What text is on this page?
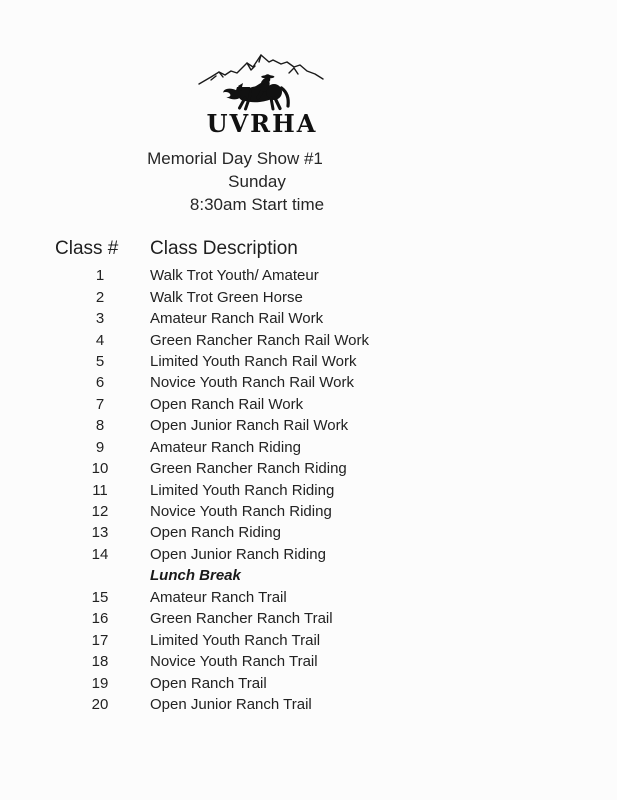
UVRHA
Memorial Day Show #1
Sunday
8:30am Start time
Class # Class Description
1	Walk Trot Youth/ Amateur
2	Walk Trot Green Horse
3	Amateur Ranch Rail Work
4	Green Rancher Ranch Rail Work
5	Limited Youth Ranch Rail Work
6	Novice Youth Ranch Rail Work
7	Open Ranch Rail Work
8	Open Junior Ranch Rail Work
9	Amateur Ranch Riding
10	Green Rancher Ranch Riding
11	Limited Youth Ranch Riding
12	Novice Youth Ranch Riding
13	Open Ranch Riding
14	Open Junior Ranch Riding
Lunch Break
15	Amateur Ranch Trail
16	Green Rancher Ranch Trail
17	Limited Youth Ranch Trail
18	Novice Youth Ranch Trail
19	Open Ranch Trail
20	Open Junior Ranch Trail
